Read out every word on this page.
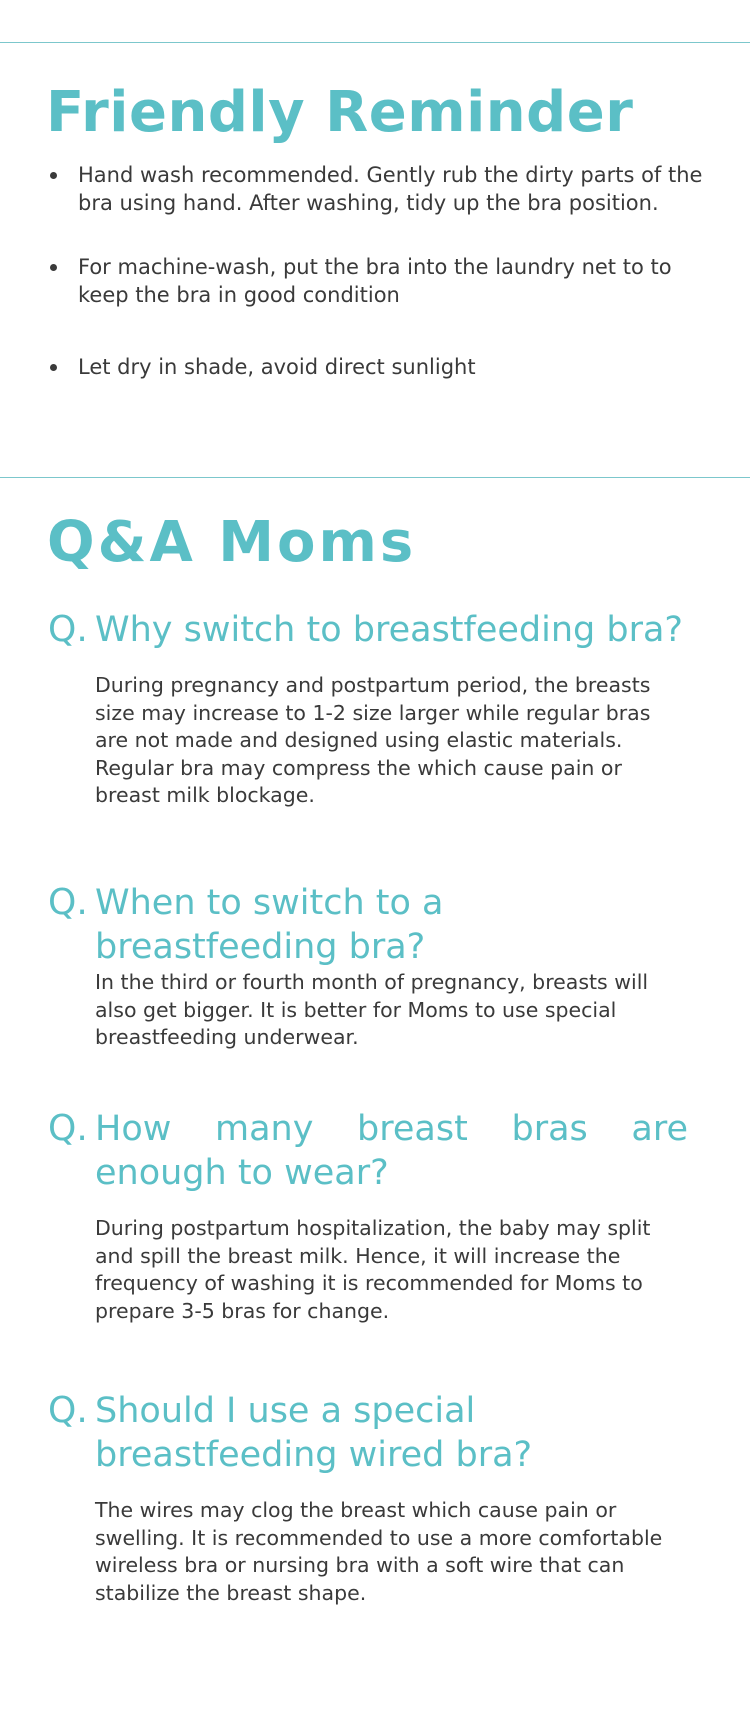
Friendly Reminder
Hand wash recommended. Gently rub the dirty parts of the bra using hand. After washing, tidy up the bra position.
For machine-wash, put the bra into the laundry net to to keep the bra in good condition
Let dry in shade, avoid direct sunlight
Q&A Moms
Q. Why switch to breastfeeding bra?

During pregnancy and postpartum period, the breasts size may increase to 1-2 size larger while regular bras are not made and designed using elastic materials. Regular bra may compress the which cause pain or breast milk blockage.

Q. When to switch to a breastfeeding bra?

In the third or fourth month of pregnancy, breasts will also get bigger. It is better for Moms to use special breastfeeding underwear.

Q. How many breast bras are enough to wear?

During postpartum hospitalization, the baby may split and spill the breast milk. Hence, it will increase the frequency of washing it is recommended for Moms to prepare 3-5 bras for change.

Q. Should I use a special breastfeeding wired bra?

The wires may clog the breast which cause pain or swelling. It is recommended to use a more comfortable wireless bra or nursing bra with a soft wire that can stabilize the breast shape.
